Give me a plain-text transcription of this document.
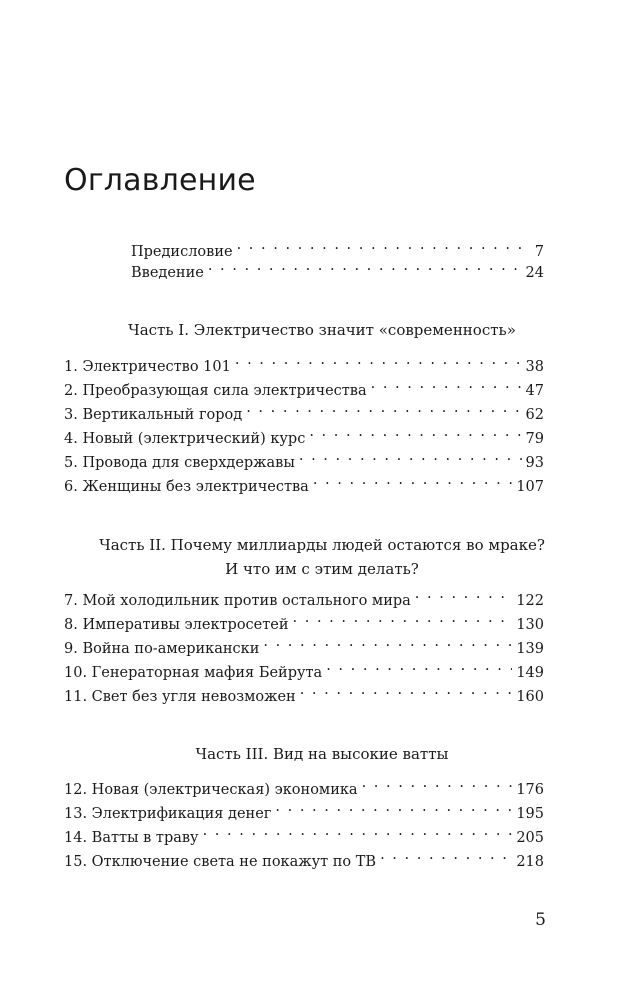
Оглавление
Предисловие . . .	7
Введение . . .	24

Часть I. Электричество значит «современность»

1. Электричество 101 . . .	38
2. Преобразующая сила электричества . . .	47
3. Вертикальный город . . .	62
4. Новый (электрический) курс . . .	79
5. Провода для сверхдержавы . . .	93
6. Женщины без электричества . . .	107

Часть II. Почему миллиарды людей остаются во мраке?
И что им с этим делать?

7. Мой холодильник против остального мира . . .	122
8. Императивы электросетей . . .	130
9. Война по-американски . . .	139
10. Генераторная мафия Бейрута . . .	149
11. Свет без угля невозможен . . .	160

Часть III. Вид на высокие ватты

12. Новая (электрическая) экономика . . .	176
13. Электрификация денег . . .	195
14. Ватты в траву . . .	205
15. Отключение света не покажут по ТВ . . .	218
5
